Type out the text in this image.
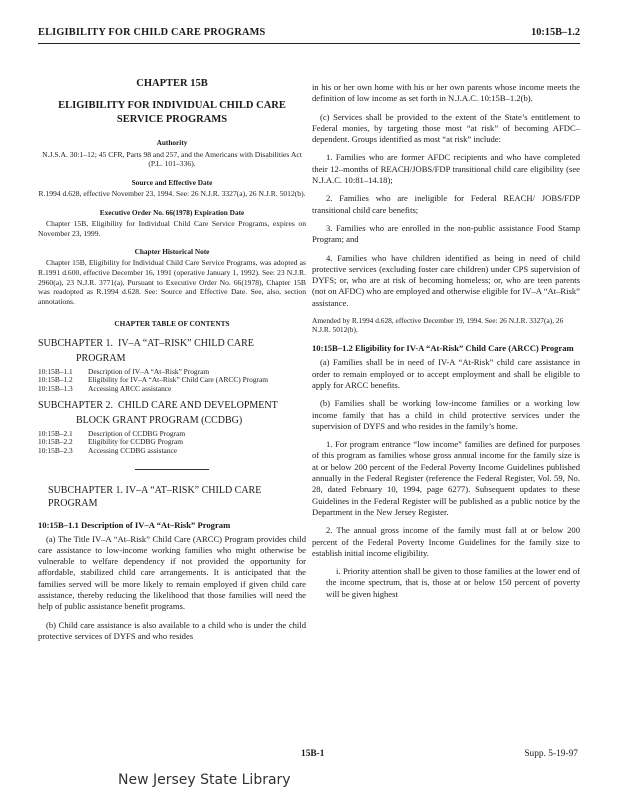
ELIGIBILITY FOR CHILD CARE PROGRAMS	10:15B–1.2
CHAPTER 15B
ELIGIBILITY FOR INDIVIDUAL CHILD CARE SERVICE PROGRAMS
Authority

N.J.S.A. 30:1–12; 45 CFR, Parts 98 and 257, and the Americans with Disabilities Act (P.L. 101–336).

Source and Effective Date

R.1994 d.628, effective November 23, 1994. See: 26 N.J.R. 3327(a), 26 N.J.R. 5012(b).

Executive Order No. 66(1978) Expiration Date

Chapter 15B, Eligibility for Individual Child Care Service Programs, expires on November 23, 1999.

Chapter Historical Note

Chapter 15B, Eligibility for Individual Child Care Service Programs, was adopted as R.1991 d.600, effective December 16, 1991 (operative January 1, 1992). See: 23 N.J.R. 2960(a), 23 N.J.R. 3771(a). Pursuant to Executive Order No. 66(1978), Chapter 15B was readopted as R.1994 d.628. See: Source and Effective Date. See, also, section annotations.

CHAPTER TABLE OF CONTENTS
SUBCHAPTER 1. IV–A “AT–RISK” CHILD CARE
PROGRAM
10:15B–1.1	Description of IV–A “At–Risk” Program
10:15B–1.2	Eligibility for IV–A “At–Risk” Child Care (ARCC) Program
10:15B–1.3	Accessing ARCC assistance
SUBCHAPTER 2. CHILD CARE AND DEVELOPMENT
BLOCK GRANT PROGRAM (CCDBG)
10:15B–2.1	Description of CCDBG Program
10:15B–2.2	Eligibility for CCDBG Program
10:15B–2.3	Accessing CCDBG assistance
SUBCHAPTER 1. IV–A “AT–RISK” CHILD CARE PROGRAM
10:15B–1.1 Description of IV–A “At–Risk” Program

(a) The Title IV–A “At–Risk” Child Care (ARCC) Program provides child care assistance to low-income working families who might otherwise be vulnerable to welfare dependency if not provided the opportunity for affordable, stabilized child care arrangements. It is anticipated that the families served will be more likely to remain employed if given child care assistance, thereby reducing the likelihood that those families will need the help of public assistance benefit programs.

(b) Child care assistance is also available to a child who is under the child protective services of DYFS and who resides

in his or her own home with his or her own parents whose income meets the definition of low income as set forth in N.J.A.C. 10:15B–1.2(b).

(c) Services shall be provided to the extent of the State’s entitlement to Federal monies, by targeting those most “at risk” of becoming AFDC–dependent. Groups identified as most “at risk” include:

1. Families who are former AFDC recipients and who have completed their 12–months of REACH/JOBS/FDP transitional child care eligibility (see N.J.A.C. 10:81–14.18);

2. Families who are ineligible for Federal REACH/ JOBS/FDP transitional child care benefits;

3. Families who are enrolled in the non-public assistance Food Stamp Program; and

4. Families who have children identified as being in need of child protective services (excluding foster care children) under CPS supervision of DYFS; or, who are at risk of becoming homeless; or, who are teen parents (not on AFDC) who are employed and otherwise eligible for IV–A “At–Risk” assistance.

Amended by R.1994 d.628, effective December 19, 1994. See: 26 N.J.R. 3327(a), 26 N.J.R. 5012(b).
10:15B–1.2 Eligibility for IV-A “At-Risk” Child Care (ARCC) Program

(a) Families shall be in need of IV-A “At-Risk” child care assistance in order to remain employed or to accept employment and shall be eligible to apply for ARCC benefits.

(b) Families shall be working low-income families or a working low income family that has a child in child protective services under the supervision of DYFS and who resides in the family’s home.

1. For program entrance “low income” families are defined for purposes of this program as families whose gross annual income for the family size is at or below 200 percent of the Federal Poverty Income Guidelines published annually in the Federal Register (reference the Federal Register, Vol. 59, No. 28, dated February 10, 1994, page 6277). Subsequent updates to these Guidelines in the Federal Register will be published as a public notice by the Department in the New Jersey Register.

2. The annual gross income of the family must fall at or below 200 percent of the Federal Poverty Income Guidelines for the family size to establish initial income eligibility.

i. Priority attention shall be given to those families at the lower end of the income spectrum, that is, those at or below 150 percent of poverty will be given highest

15B-1	Supp. 5-19-97
New Jersey State Library
